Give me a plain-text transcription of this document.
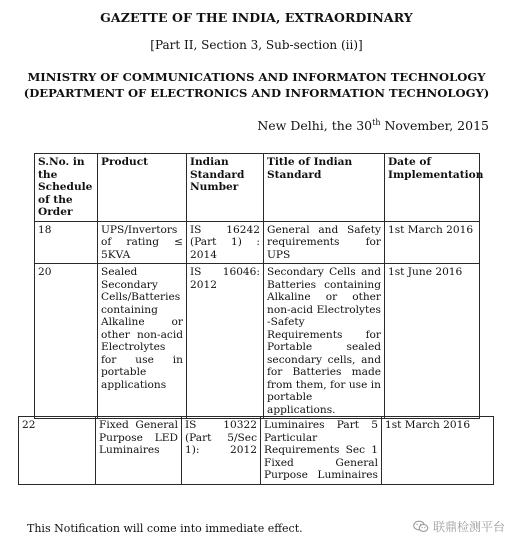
GAZETTE OF THE INDIA, EXTRAORDINARY
[Part II, Section 3, Sub-section (ii)]
MINISTRY OF COMMUNICATIONS AND INFORMATON TECHNOLOGY
(DEPARTMENT OF ELECTRONICS AND INFORMATION TECHNOLOGY)
New Delhi, the 30th November, 2015
S.No. in the Schedule of the Order	Product	Indian Standard Number	Title of Indian Standard	Date of Implementation
18	UPS/Invertors of rating ≤ 5KVA	IS 16242 (Part 1) : 2014	General and Safety requirements for UPS	1st March 2016
20	Sealed Secondary Cells/Batteries containing Alkaline or other non-acid Electrolytes for use in portable applications	IS 16046: 2012	Secondary Cells and Batteries containing Alkaline or other non-acid Electrolytes -Safety Requirements for Portable sealed secondary cells, and for Batteries made from them, for use in portable applications.	1st June 2016
22	Fixed General Purpose LED Luminaires	IS 10322 (Part 5/Sec 1): 2012	Luminaires Part 5 Particular Requirements Sec 1 Fixed General Purpose Luminaires	1st March 2016
This Notification will come into immediate effect.	联鼎检测平台
